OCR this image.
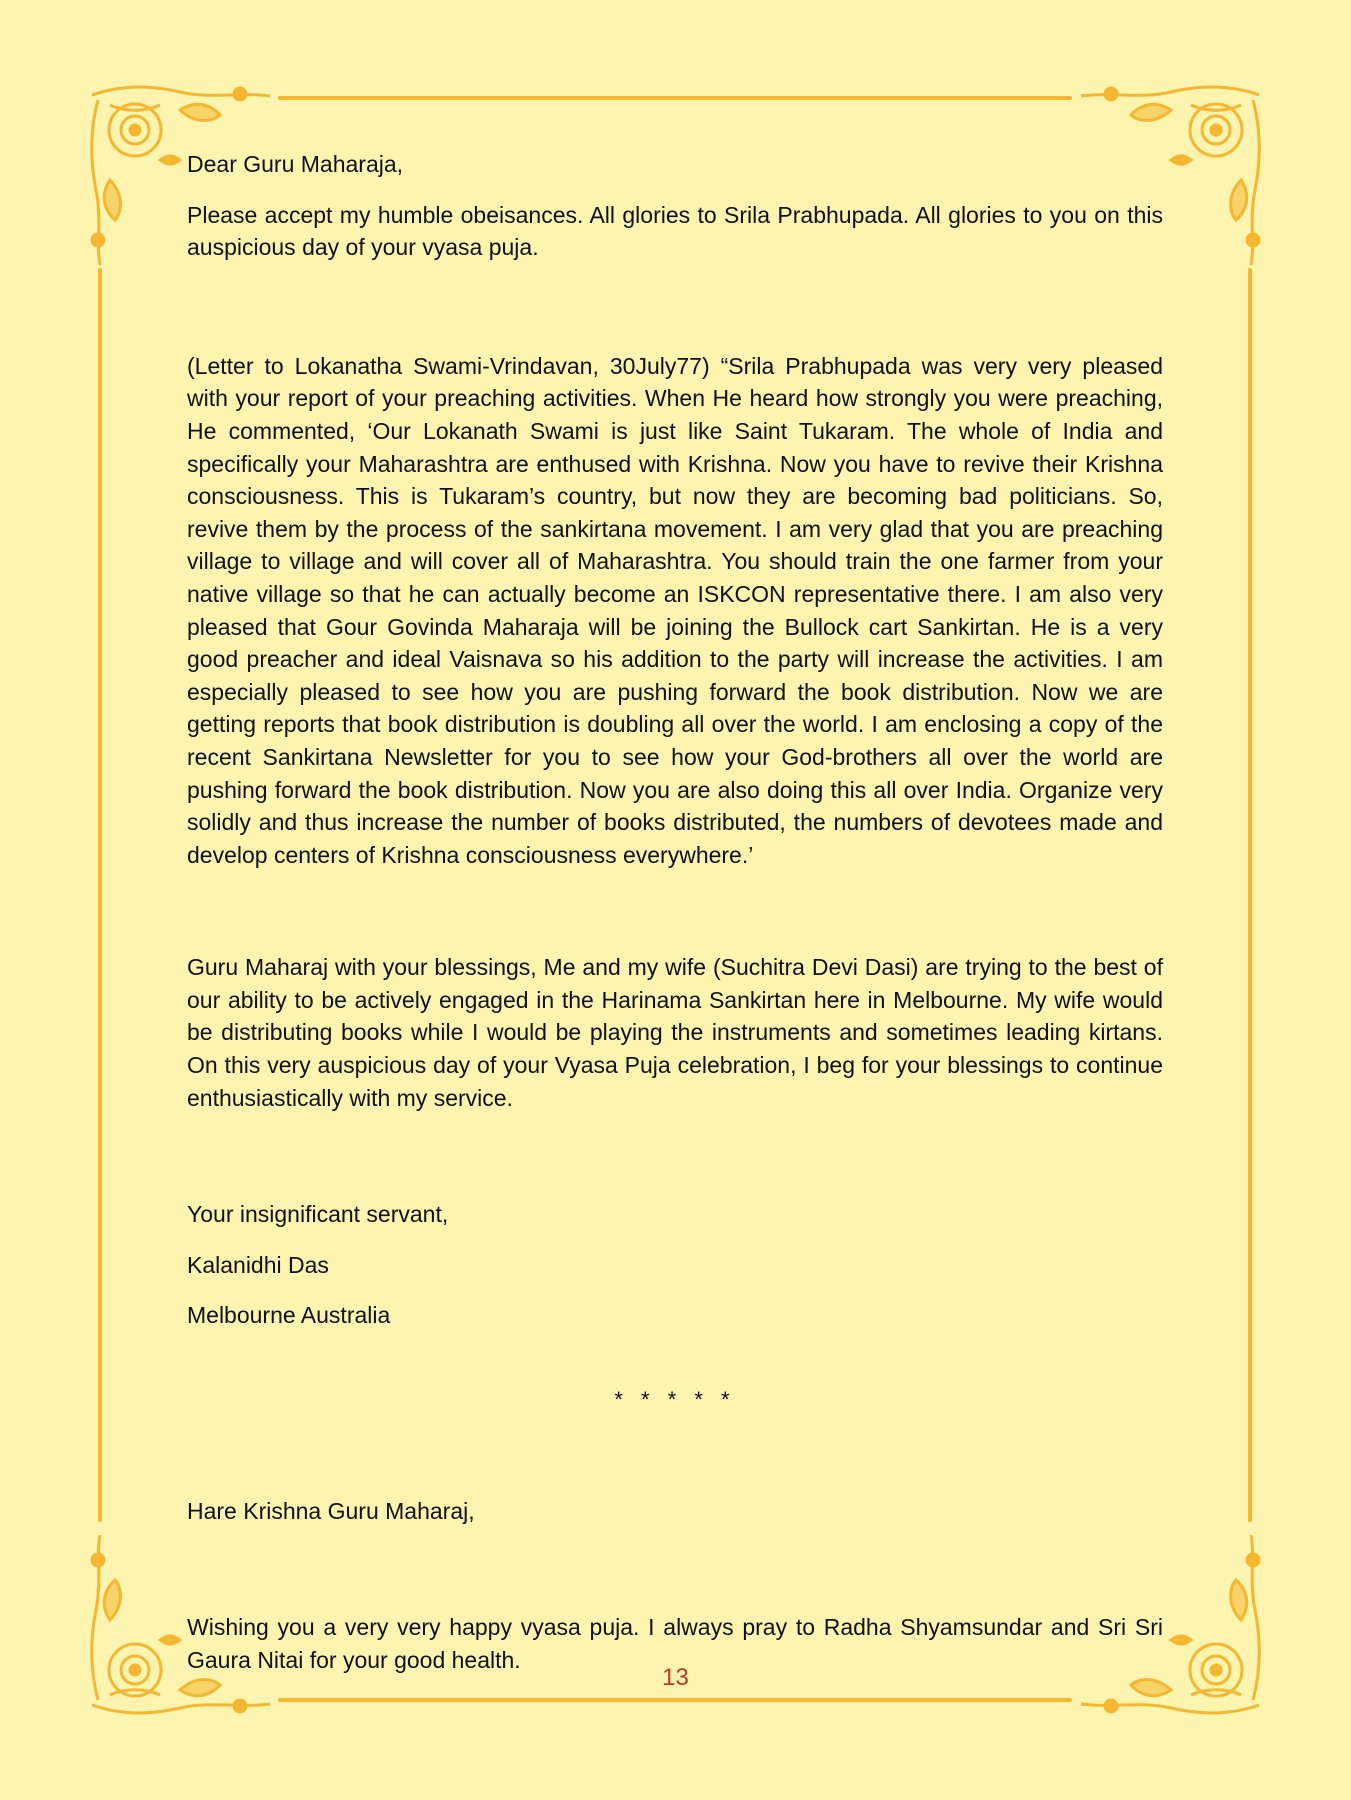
Dear Guru Maharaja,

Please accept my humble obeisances. All glories to Srila Prabhupada. All glories to you on this auspicious day of your vyasa puja.

(Letter to Lokanatha Swami-Vrindavan, 30July77) “Srila Prabhupada was very very pleased with your report of your preaching activities. When He heard how strongly you were preaching, He commented, ‘Our Lokanath Swami is just like Saint Tukaram. The whole of India and specifically your Maharashtra are enthused with Krishna. Now you have to revive their Krishna consciousness. This is Tukaram’s country, but now they are becoming bad politicians. So, revive them by the process of the sankirtana movement. I am very glad that you are preaching village to village and will cover all of Maharashtra. You should train the one farmer from your native village so that he can actually become an ISKCON representative there. I am also very pleased that Gour Govinda Maharaja will be joining the Bullock cart Sankirtan. He is a very good preacher and ideal Vaisnava so his addition to the party will increase the activities. I am especially pleased to see how you are pushing forward the book distribution. Now we are getting reports that book distribution is doubling all over the world. I am enclosing a copy of the recent Sankirtana Newsletter for you to see how your God-brothers all over the world are pushing forward the book distribution. Now you are also doing this all over India. Organize very solidly and thus increase the number of books distributed, the numbers of devotees made and develop centers of Krishna consciousness everywhere.’

Guru Maharaj with your blessings, Me and my wife (Suchitra Devi Dasi) are trying to the best of our ability to be actively engaged in the Harinama Sankirtan here in Melbourne. My wife would be distributing books while I would be playing the instruments and sometimes leading kirtans. On this very auspicious day of your Vyasa Puja celebration, I beg for your blessings to continue enthusiastically with my service.

Your insignificant servant,

Kalanidhi Das

Melbourne Australia

* * * * *

Hare Krishna Guru Maharaj,

Wishing you a very very happy vyasa puja. I always pray to Radha Shyamsundar and Sri Sri Gaura Nitai for your good health.

13
